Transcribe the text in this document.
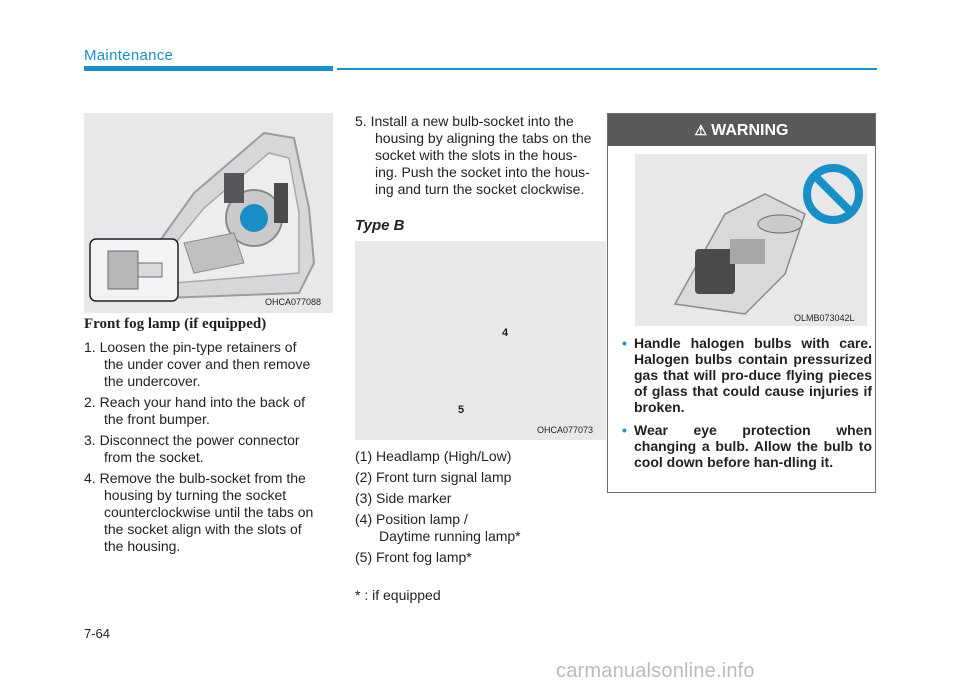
Maintenance
OHCA077088
Front fog lamp (if equipped)
1. Loosen the pin-type retainers of
the under cover and then remove
the undercover.
2. Reach your hand into the back of
the front bumper.
3. Disconnect the power connector
from the socket.
4. Remove the bulb-socket from the
housing by turning the socket
counterclockwise until the tabs on
the socket align with the slots of
the housing.
5. Install a new bulb-socket into the
housing by aligning the tabs on the
socket with the slots in the hous-
ing. Push the socket into the hous-
ing and turn the socket clockwise.
Type B
4
5
OHCA077073
(1) Headlamp (High/Low)
(2) Front turn signal lamp
(3) Side marker
(4) Position lamp /
Daytime running lamp*
(5) Front fog lamp*
* : if equipped
⚠ WARNING
OLMB073042L
• Handle halogen bulbs with care. Halogen bulbs contain pressurized gas that will pro-duce flying pieces of glass that could cause injuries if broken.
• Wear eye protection when changing a bulb. Allow the bulb to cool down before han-dling it.
7-64
carmanualsonline.info
